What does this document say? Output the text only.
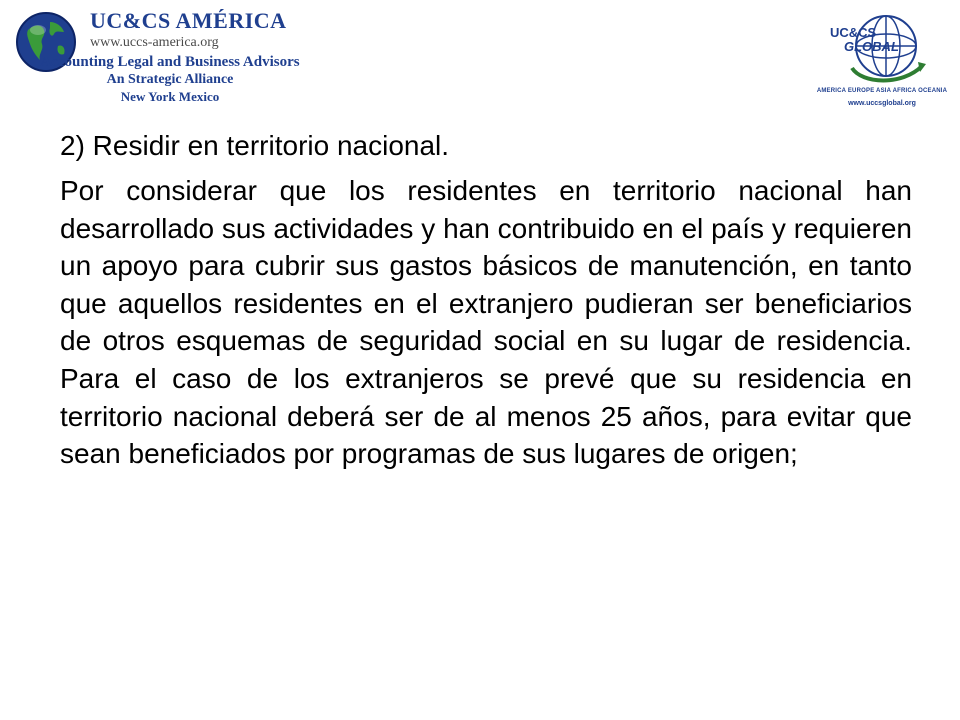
UC&CS AMÉRICA
www.uccs-america.org
Accounting Legal and Business Advisors
An Strategic Alliance
New York Mexico
UC&CS
GLOBAL
AMERICA EUROPE ASIA AFRICA OCEANIA
www.uccsglobal.org

2) Residir en territorio nacional.

Por considerar que los residentes en territorio nacional han desarrollado sus actividades y han contribuido en el país y requieren un apoyo para cubrir sus gastos básicos de manutención, en tanto que aquellos residentes en el extranjero pudieran ser beneficiarios de otros esquemas de seguridad social en su lugar de residencia. Para el caso de los extranjeros se prevé que su residencia en territorio nacional deberá ser de al menos 25 años, para evitar que sean beneficiados por programas de sus lugares de origen;
